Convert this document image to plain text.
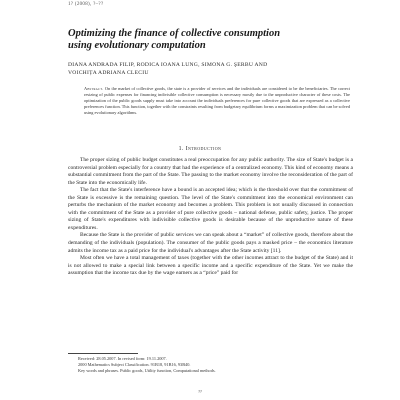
1? (2008), ?–??
Optimizing the finance of collective consumption
using evolutionary computation
DIANA ANDRADA FILIP, RODICA IOANA LUNG, SIMONA G. ŞERBU AND
VOICHIȚA ADRIANA CLECIU
Abstract. On the market of collective goods, the state is a provider of services and the individuals are considered to be the beneficiaries. The correct resizing of public expenses for financing indivisible collective consumption is necessary mostly due to the unproductive character of these costs. The optimization of the public goods supply must take into account the individuals preferences for pure collective goods that are expressed as a collective preferences function. This function, together with the constraints resulting from budgetary equilibrium forms a maximization problem that can be solved using evolutionary algorithms.
1. Introduction

The proper sizing of public budget constitutes a real preoccupation for any public authority. The size of State's budget is a controversial problem especially for a country that had the experience of a centralized economy. This kind of economy means a substantial commitment from the part of the State. The passing to the market economy involve the reconsideration of the part of the State into the economically life.

The fact that the State's interference have a bound is an accepted idea; which is the threshold over that the commitment of the State is excessive is the remaining question. The level of the State's commitment into the economical environment can perturbs the mechanism of the market economy and becomes a problem. This problem is not usually discussed in connection with the commitment of the State as a provider of pure collective goods – national defense, public safety, justice. The proper sizing of State's expenditures with indivisible collective goods is desirable because of the unproductive nature of these expenditures.

Because the State is the provider of public services we can speak about a “market” of collective goods, therefore about the demanding of the individuals (population). The consumer of the public goods pays a masked price – the economics literature admits the income tax as a paid price for the individual's advantages after the State activity [11].

Most often we have a total management of taxes (together with the other incomes attract to the budget of the State) and it is not allowed to make a special link between a specific income and a specific expenditure of the State. Yet we make the assumption that the income tax due by the wage earners as a “price” paid for

Received: 28.05.2007. In revised form: 19.11.2007.
2000 Mathematics Subject Classification. 91B18, 91B16, 93B40.
Key words and phrases. Public goods, Utility function, Computational methods.
??
